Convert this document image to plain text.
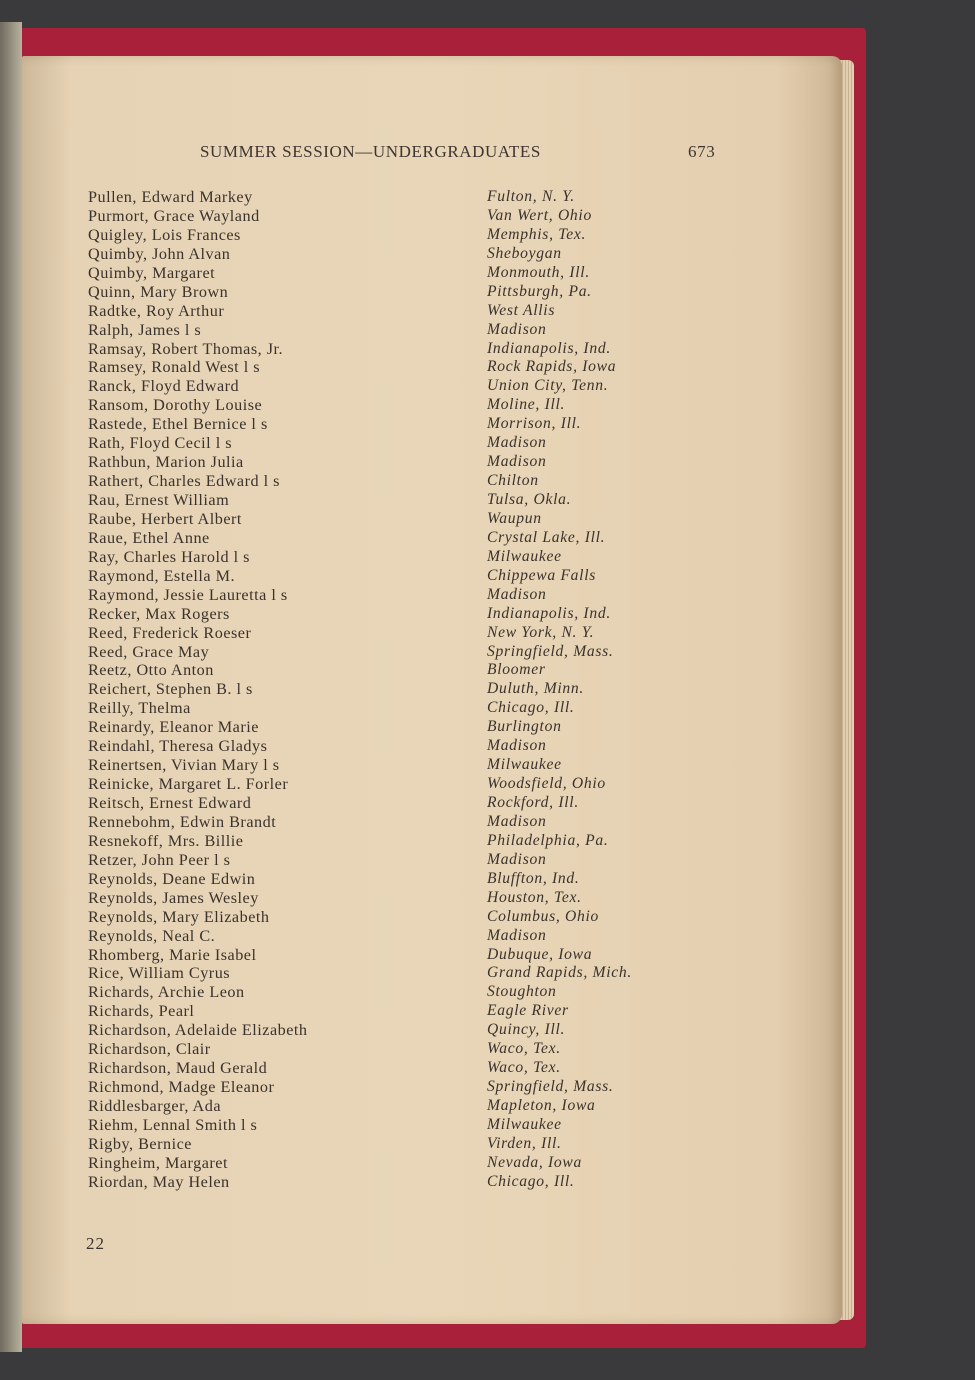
SUMMER SESSION—UNDERGRADUATES	673
Pullen, Edward Markey
Purmort, Grace Wayland
Quigley, Lois Frances
Quimby, John Alvan
Quimby, Margaret
Quinn, Mary Brown
Radtke, Roy Arthur
Ralph, James l s
Ramsay, Robert Thomas, Jr.
Ramsey, Ronald West l s
Ranck, Floyd Edward
Ransom, Dorothy Louise
Rastede, Ethel Bernice l s
Rath, Floyd Cecil l s
Rathbun, Marion Julia
Rathert, Charles Edward l s
Rau, Ernest William
Raube, Herbert Albert
Raue, Ethel Anne
Ray, Charles Harold l s
Raymond, Estella M.
Raymond, Jessie Lauretta l s
Recker, Max Rogers
Reed, Frederick Roeser
Reed, Grace May
Reetz, Otto Anton
Reichert, Stephen B. l s
Reilly, Thelma
Reinardy, Eleanor Marie
Reindahl, Theresa Gladys
Reinertsen, Vivian Mary l s
Reinicke, Margaret L. Forler
Reitsch, Ernest Edward
Rennebohm, Edwin Brandt
Resnekoff, Mrs. Billie
Retzer, John Peer l s
Reynolds, Deane Edwin
Reynolds, James Wesley
Reynolds, Mary Elizabeth
Reynolds, Neal C.
Rhomberg, Marie Isabel
Rice, William Cyrus
Richards, Archie Leon
Richards, Pearl
Richardson, Adelaide Elizabeth
Richardson, Clair
Richardson, Maud Gerald
Richmond, Madge Eleanor
Riddlesbarger, Ada
Riehm, Lennal Smith l s
Rigby, Bernice
Ringheim, Margaret
Riordan, May Helen
Fulton, N. Y.
Van Wert, Ohio
Memphis, Tex.
Sheboygan
Monmouth, Ill.
Pittsburgh, Pa.
West Allis
Madison
Indianapolis, Ind.
Rock Rapids, Iowa
Union City, Tenn.
Moline, Ill.
Morrison, Ill.
Madison
Madison
Chilton
Tulsa, Okla.
Waupun
Crystal Lake, Ill.
Milwaukee
Chippewa Falls
Madison
Indianapolis, Ind.
New York, N. Y.
Springfield, Mass.
Bloomer
Duluth, Minn.
Chicago, Ill.
Burlington
Madison
Milwaukee
Woodsfield, Ohio
Rockford, Ill.
Madison
Philadelphia, Pa.
Madison
Bluffton, Ind.
Houston, Tex.
Columbus, Ohio
Madison
Dubuque, Iowa
Grand Rapids, Mich.
Stoughton
Eagle River
Quincy, Ill.
Waco, Tex.
Waco, Tex.
Springfield, Mass.
Mapleton, Iowa
Milwaukee
Virden, Ill.
Nevada, Iowa
Chicago, Ill.
22
